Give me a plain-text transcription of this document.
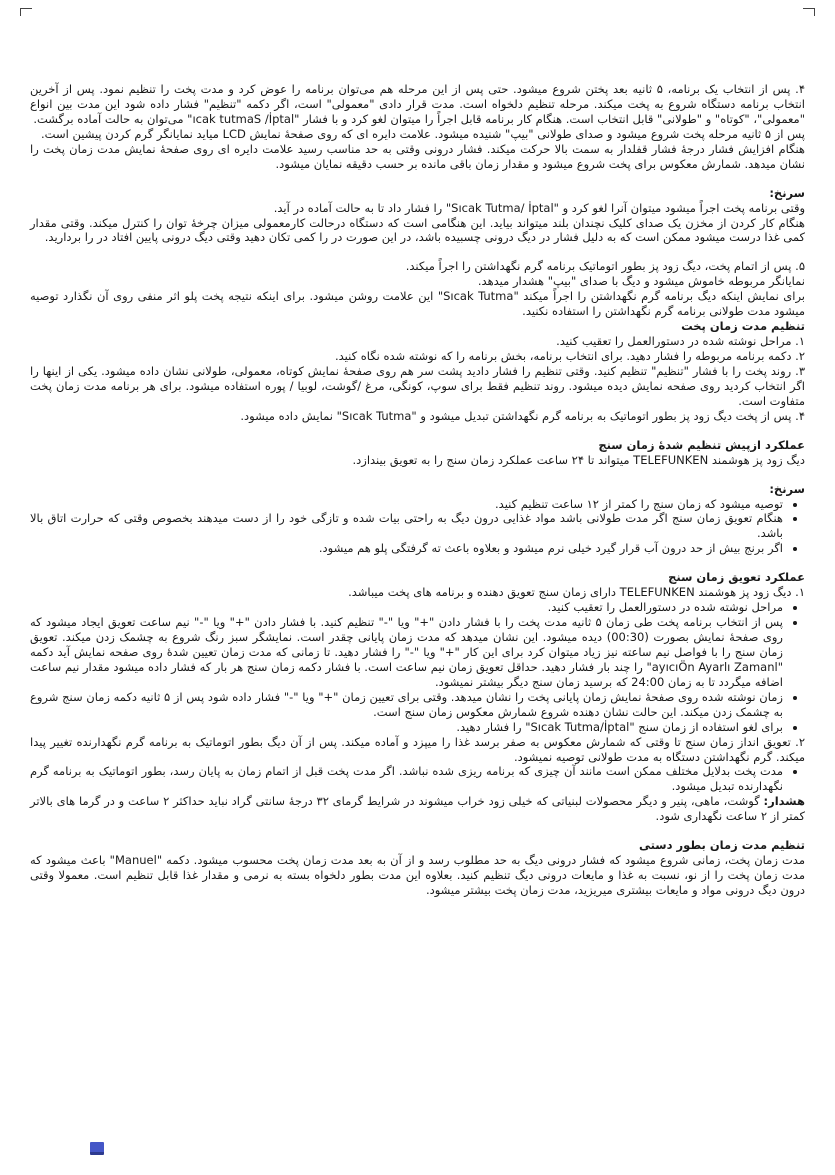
۴. پس از انتخاب یک برنامه، ۵ ثانیه بعد پختن شروع میشود. حتی پس از این مرحله هم می‌توان برنامه را عوض کرد و مدت پخت را تنظیم نمود. پس از آخرین انتخاب برنامه دستگاه شروع به پخت میکند. مرحله تنظیم دلخواه است. مدت قرار دادی "معمولی" است، اگر دکمه "تنظیم" فشار داده شود این مدت بین انواع "معمولی"، "کوتاه" و "طولانی" قابل انتخاب است. هنگام کار برنامه قابل اجراً را میتوان لغو کرد و با فشار "ıcak tutmaS /İptal" می‌توان به حالت آماده برگشت.

پس از ۵ ثانیه مرحله پخت شروع میشود و صدای طولانی "بیپ" شنیده میشود. علامت دایره ای که روی صفحهٔ نمایش LCD میاید نمایانگر گرم کردن پیشین است.

هنگام افزایش فشار درجهٔ فشار قفلدار به سمت بالا حرکت میکند. فشار درونی وقتی به حد مناسب رسید علامت دایره ای روی صفحهٔ نمایش مدت زمان پخت را نشان میدهد. شمارش معکوس برای پخت شروع میشود و مقدار زمان باقی مانده بر حسب دقیقه نمایان میشود.

سرنخ:

وقتی برنامه پخت اجراً میشود میتوان آنرا لغو کرد و "Sıcak Tutma/ İptal" را فشار داد تا به حالت آماده در آید.

هنگام کار کردن از مخزن یک صدای کلیک نچندان بلند میتواند بیاید. این هنگامی است که دستگاه درحالت کارمعمولی میزان چرخهٔ توان را کنترل میکند. وقتی مقدار کمی غذا درست میشود ممکن است که به دلیل فشار در دیگ درونی چسبیده باشد، در این صورت در را کمی تکان دهید وقتی دیگ درونی پایین افتاد در را بردارید.

۵. پس از اتمام پخت، دیگ زود پز بطور اتوماتیک برنامه گرم نگهداشتن را اجراً میکند.

نمایانگر مربوطه خاموش میشود و دیگ با صدای "بیپ" هشدار میدهد.

برای نمایش اینکه دیگ برنامه گرم نگهداشتن را اجراً میکند "Sıcak Tutma" این علامت روشن میشود. برای اینکه نتیجه پخت پلو اثر منفی روی آن نگذارد توصیه میشود مدت طولانی برنامه گرم نگهداشتن را استفاده نکنید.

تنظیم مدت زمان پخت

۱. مراحل نوشته شده در دستورالعمل را تعقیب کنید.

۲. دکمه برنامه مربوطه را فشار دهید. برای انتخاب برنامه، بخش برنامه را که نوشته شده نگاه کنید.

۳. روند پخت را با فشار "تنظیم" تنظیم کنید. وقتی تنظیم را فشار دادید پشت سر هم روی صفحهٔ نمایش کوتاه، معمولی، طولانی نشان داده میشود. یکی از اینها را اگر انتخاب کردید روی صفحه نمایش دیده میشود. روند تنظیم فقط برای سوپ، کونگی، مرغ /گوشت، لوبیا / پوره استفاده میشود. برای هر برنامه مدت زمان پخت متفاوت است.

۴. پس از پخت دیگ زود پز بطور اتوماتیک به برنامه گرم نگهداشتن تبدیل میشود و "Sıcak Tutma" نمایش داده میشود.

عملکرد ازپیش تنظیم شدهٔ زمان سنج

دیگ زود پز هوشمند TELEFUNKEN میتواند تا ۲۴ ساعت عملکرد زمان سنج را به تعویق بیندازد.

سرنخ:

• توصیه میشود که زمان سنج را کمتر از ۱۲ ساعت تنظیم کنید.
• هنگام تعویق زمان سنج اگر مدت طولانی باشد مواد غذایی درون دیگ به راحتی بیات شده و تازگی خود را از دست میدهند بخصوص وقتی که حرارت اتاق بالا باشد.
• اگر برنج بیش از حد درون آب قرار گیرد خیلی نرم میشود و بعلاوه باعث ته گرفتگی پلو هم میشود.

عملکرد تعویق زمان سنج

۱. دیگ زود پز هوشمند TELEFUNKEN دارای زمان سنج تعویق دهنده و برنامه های پخت میباشد.

• مراحل نوشته شده در دستورالعمل را تعقیب کنید.
• پس از انتخاب برنامه پخت طی زمان ۵ ثانیه مدت پخت را با فشار دادن "+" ویا "-" تنظیم کنید. با فشار دادن "+" ویا "-" نیم ساعت تعویق ایجاد میشود که روی صفحهٔ نمایش بصورت (00:30) دیده میشود. این نشان میدهد که مدت زمان پایانی چقدر است. نمایشگر سبز رنگ شروع به چشمک زدن میکند. تعویق زمان سنج را با فواصل نیم ساعته نیز زیاد میتوان کرد برای این کار "+" ویا "-" را فشار دهید. تا زمانی که مدت زمان تعیین شدهٔ روی صفحه نمایش آید دکمه "ayıcıÖn Ayarlı Zamanl" را چند بار فشار دهید. حداقل تعویق زمان نیم ساعت است. با فشار دکمه زمان سنج هر بار که فشار داده میشود مقدار نیم ساعت اضافه میگردد تا به زمان 24:00 که برسید زمان سنج دیگر بیشتر نمیشود.
• زمان نوشته شده روی صفحهٔ نمایش زمان پایانی پخت را نشان میدهد. وقتی برای تعیین زمان "+" ویا "-" فشار داده شود پس از ۵ ثانیه دکمه زمان سنج شروع به چشمک زدن میکند. این حالت نشان دهنده شروع شمارش معکوس زمان سنج است.
• برای لغو استفاده از زمان سنج "Sıcak Tutma/İptal" را فشار دهید.

۲. تعویق انداز زمان سنج تا وقتی که شمارش معکوس به صفر برسد غذا را میپزد و آماده میکند. پس از آن دیگ بطور اتوماتیک به برنامه گرم نگهدارنده تغییر پیدا میکند. گرم نگهداشتن دستگاه به مدت طولانی توصیه نمیشود.

• مدت پخت بدلایل مختلف ممکن است مانند آن چیزی که برنامه ریزی شده نباشد. اگر مدت پخت قبل از اتمام زمان به پایان رسد، بطور اتوماتیک به برنامه گرم نگهدارنده تبدیل میشود.

هشدار: گوشت، ماهی، پنیر و دیگر محصولات لبنیاتی که خیلی زود خراب میشوند در شرایط گرمای ۳۲ درجهٔ سانتی گراد نباید حداکثر ۲ ساعت و در گرما های بالاتر کمتر از ۲ ساعت نگهداری شود.

تنظیم مدت زمان بطور دستی

مدت زمان پخت، زمانی شروع میشود که فشار درونی دیگ به حد مطلوب رسد و از آن به بعد مدت زمان پخت محسوب میشود. دکمه "Manuel" باعث میشود که مدت زمان پخت را از نو، نسبت به غذا و مایعات درونی دیگ تنظیم کنید. بعلاوه این مدت بطور دلخواه بسته به نرمی و مقدار غذا قابل تنظیم است. معمولا وقتی درون دیگ درونی مواد و مایعات بیشتری میریزید، مدت زمان پخت بیشتر میشود.
